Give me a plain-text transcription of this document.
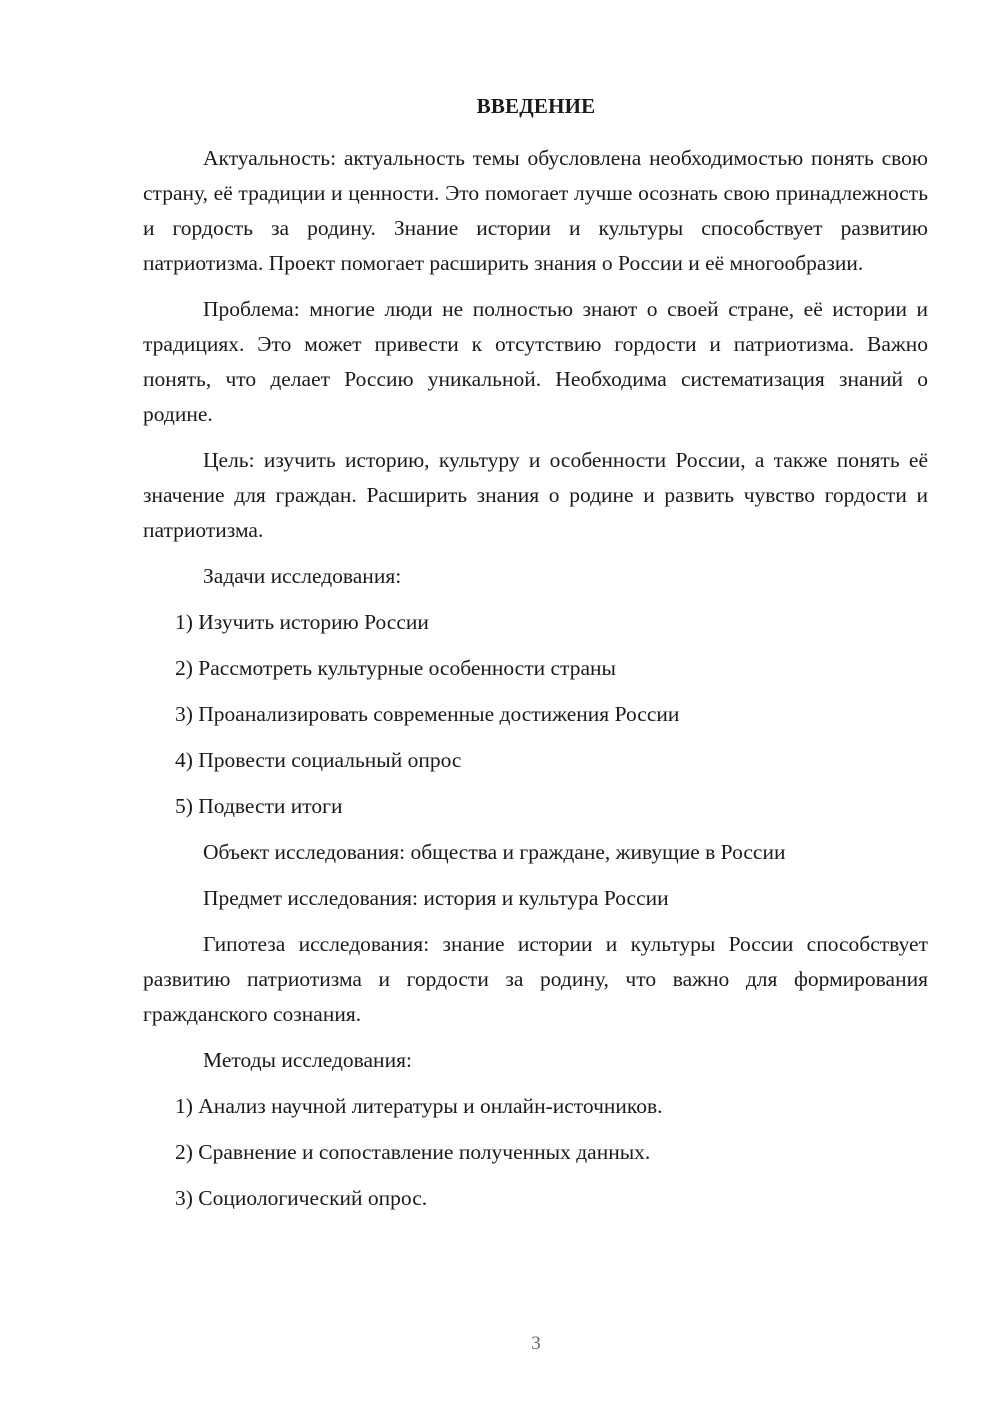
ВВЕДЕНИЕ

Актуальность: актуальность темы обусловлена необходимостью понять свою страну, её традиции и ценности. Это помогает лучше осознать свою принадлежность и гордость за родину. Знание истории и культуры способствует развитию патриотизма. Проект помогает расширить знания о России и её многообразии.

Проблема: многие люди не полностью знают о своей стране, её истории и традициях. Это может привести к отсутствию гордости и патриотизма. Важно понять, что делает Россию уникальной. Необходима систематизация знаний о родине.

Цель: изучить историю, культуру и особенности России, а также понять её значение для граждан. Расширить знания о родине и развить чувство гордости и патриотизма.

Задачи исследования:

1) Изучить историю России

2) Рассмотреть культурные особенности страны

3) Проанализировать современные достижения России

4) Провести социальный опрос

5) Подвести итоги

Объект исследования: общества и граждане, живущие в России

Предмет исследования: история и культура России

Гипотеза исследования: знание истории и культуры России способствует развитию патриотизма и гордости за родину, что важно для формирования гражданского сознания.

Методы исследования:

1) Анализ научной литературы и онлайн-источников.

2) Сравнение и сопоставление полученных данных.

3) Социологический опрос.

3
